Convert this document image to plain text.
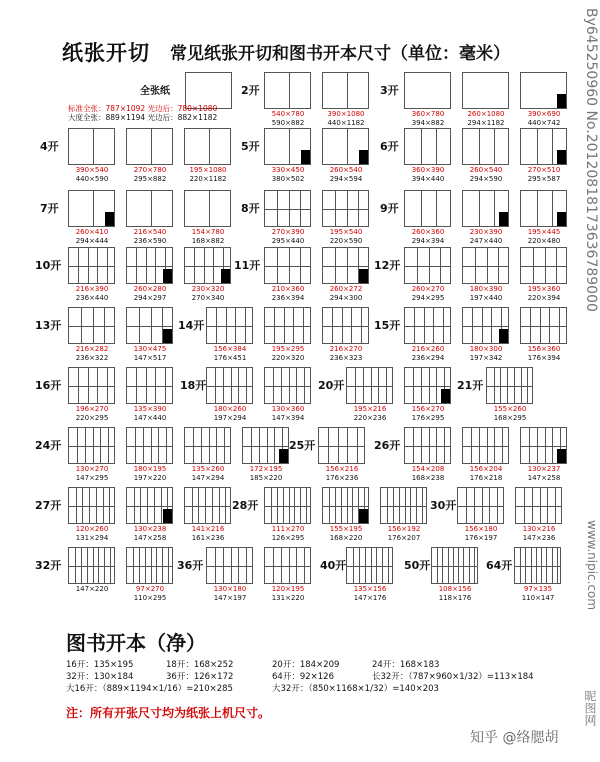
纸张开切 常见纸张开切和图书开本尺寸（单位：毫米）
全张纸
标准全张：787×1092 光边后：780×1080
大度全张：889×1194 光边后：882×1182
2开
540×780
590×882
390×1080
440×1182
3开
360×780
394×882
260×1080
294×1182
390×690
440×742
4开
390×540
440×590
270×780
295×882
195×1080
220×1182
5开
330×450
380×502
260×540
294×594
6开
360×390
394×440
260×540
294×590
270×510
295×587
7开
260×410
294×444
216×540
236×590
154×780
168×882
8开
270×390
295×440
195×540
220×590
9开
260×360
294×394
230×390
247×440
195×445
220×480
10开
216×390
236×440
260×280
294×297
230×320
270×340
11开
210×360
236×394
260×272
294×300
12开
260×270
294×295
180×390
197×440
195×360
220×394
13开
216×282
236×322
130×475
147×517
14开
156×384
176×451
195×295
220×320
216×270
236×323
15开
216×260
236×294
180×300
197×342
156×360
176×394
16开
196×270
220×295
135×390
147×440
18开
180×260
197×294
130×360
147×394
20开
195×216
220×236
156×270
176×295
21开
155×260
168×295
24开
130×270
147×295
180×195
197×220
135×260
147×294
172×195
185×220
25开
156×216
176×236
26开
154×208
168×238
156×204
176×218
130×237
147×258
27开
120×260
131×294
130×238
147×258
141×216
161×236
28开
111×270
126×295
155×195
168×220
156×192
176×207
30开
156×180
176×197
130×216
147×236
32开
147×220	97×270
110×295
36开
130×180
147×197
120×195
131×220
40开
135×156
147×176
50开
108×156
118×176
64开
97×135
110×147
图书开本（净）
16开：135×195	18开：168×252	20开：184×209	24开：168×183
32开：130×184	36开：126×172	64开：92×126	长32开：（787×960×1/32）=113×184
大16开：（889×1194×1/16）=210×285	大32开：（850×1168×1/32）=140×203
注：所有开张尺寸均为纸张上机尺寸。
By645250960 No.20120818173636789000
www.nipic.com
昵图网
知乎 @络腮胡
